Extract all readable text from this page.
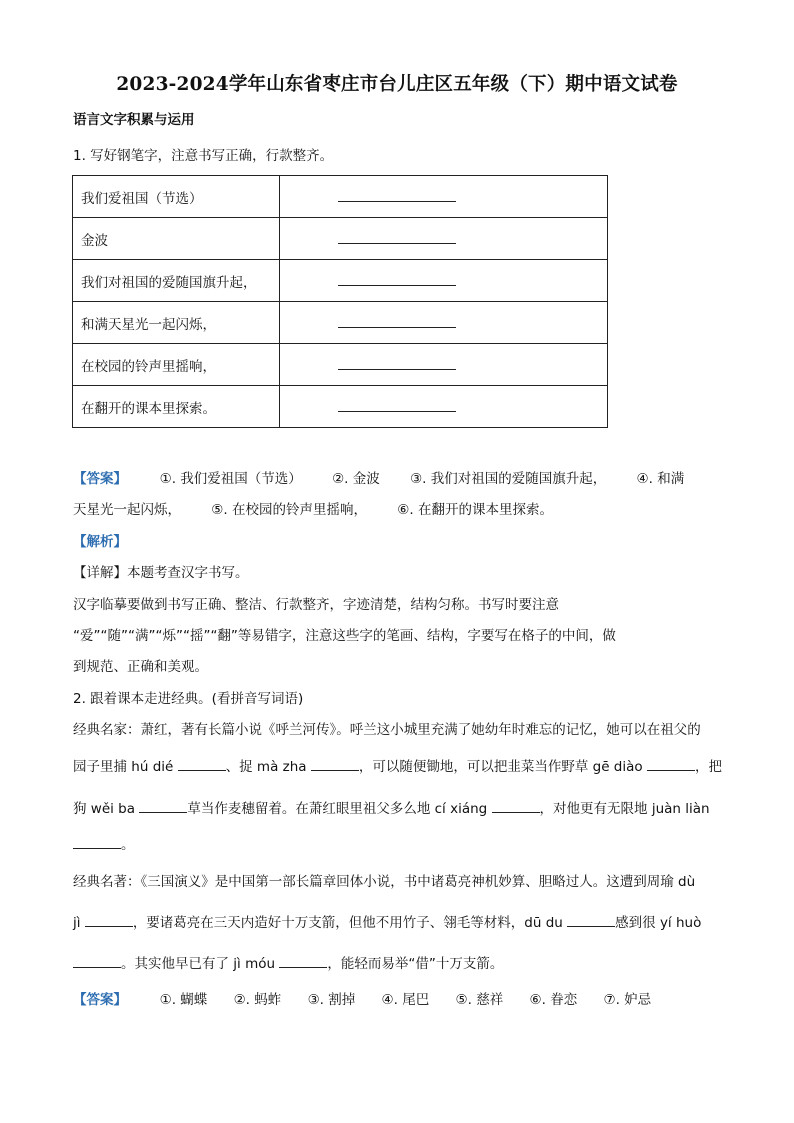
2023-2024学年山东省枣庄市台儿庄区五年级（下）期中语文试卷
语言文字积累与运用
1. 写好钢笔字，注意书写正确，行款整齐。
我们爱祖国（节选）	
金波	
我们对祖国的爱随国旗升起，	
和满天星光一起闪烁，	
在校园的铃声里摇响，	
在翻开的课本里探索。	
【答案】 ①. 我们爱祖国（节选） ②. 金波 ③. 我们对祖国的爱随国旗升起， ④. 和满
天星光一起闪烁， ⑤. 在校园的铃声里摇响， ⑥. 在翻开的课本里探索。
【解析】
【详解】本题考查汉字书写。
汉字临摹要做到书写正确、整洁、行款整齐，字迹清楚，结构匀称。书写时要注意
“爱”“随”“满”“烁”“摇”“翻”等易错字，注意这些字的笔画、结构，字要写在格子的中间，做
到规范、正确和美观。
2. 跟着课本走进经典。(看拼音写词语)
经典名家：萧红，著有长篇小说《呼兰河传》。呼兰这小城里充满了她幼年时难忘的记忆，她可以在祖父的
园子里捕 hú dié	、捉 mà zha	，可以随便锄地，可以把韭菜当作野草 gē diào	，把
狗 wěi ba	草当作麦穗留着。在萧红眼里祖父多么地 cí xiáng	，对他更有无限地 juàn liàn
。
经典名著：《三国演义》是中国第一部长篇章回体小说，书中诸葛亮神机妙算、胆略过人。这遭到周瑜 dù
jì	，要诸葛亮在三天内造好十万支箭，但他不用竹子、翎毛等材料，dū du	感到很 yí huò
。其实他早已有了 jì móu	，能轻而易举“借”十万支箭。
【答案】 ①. 蝴蝶 ②. 蚂蚱 ③. 割掉 ④. 尾巴 ⑤. 慈祥 ⑥. 眷恋 ⑦. 妒忌
